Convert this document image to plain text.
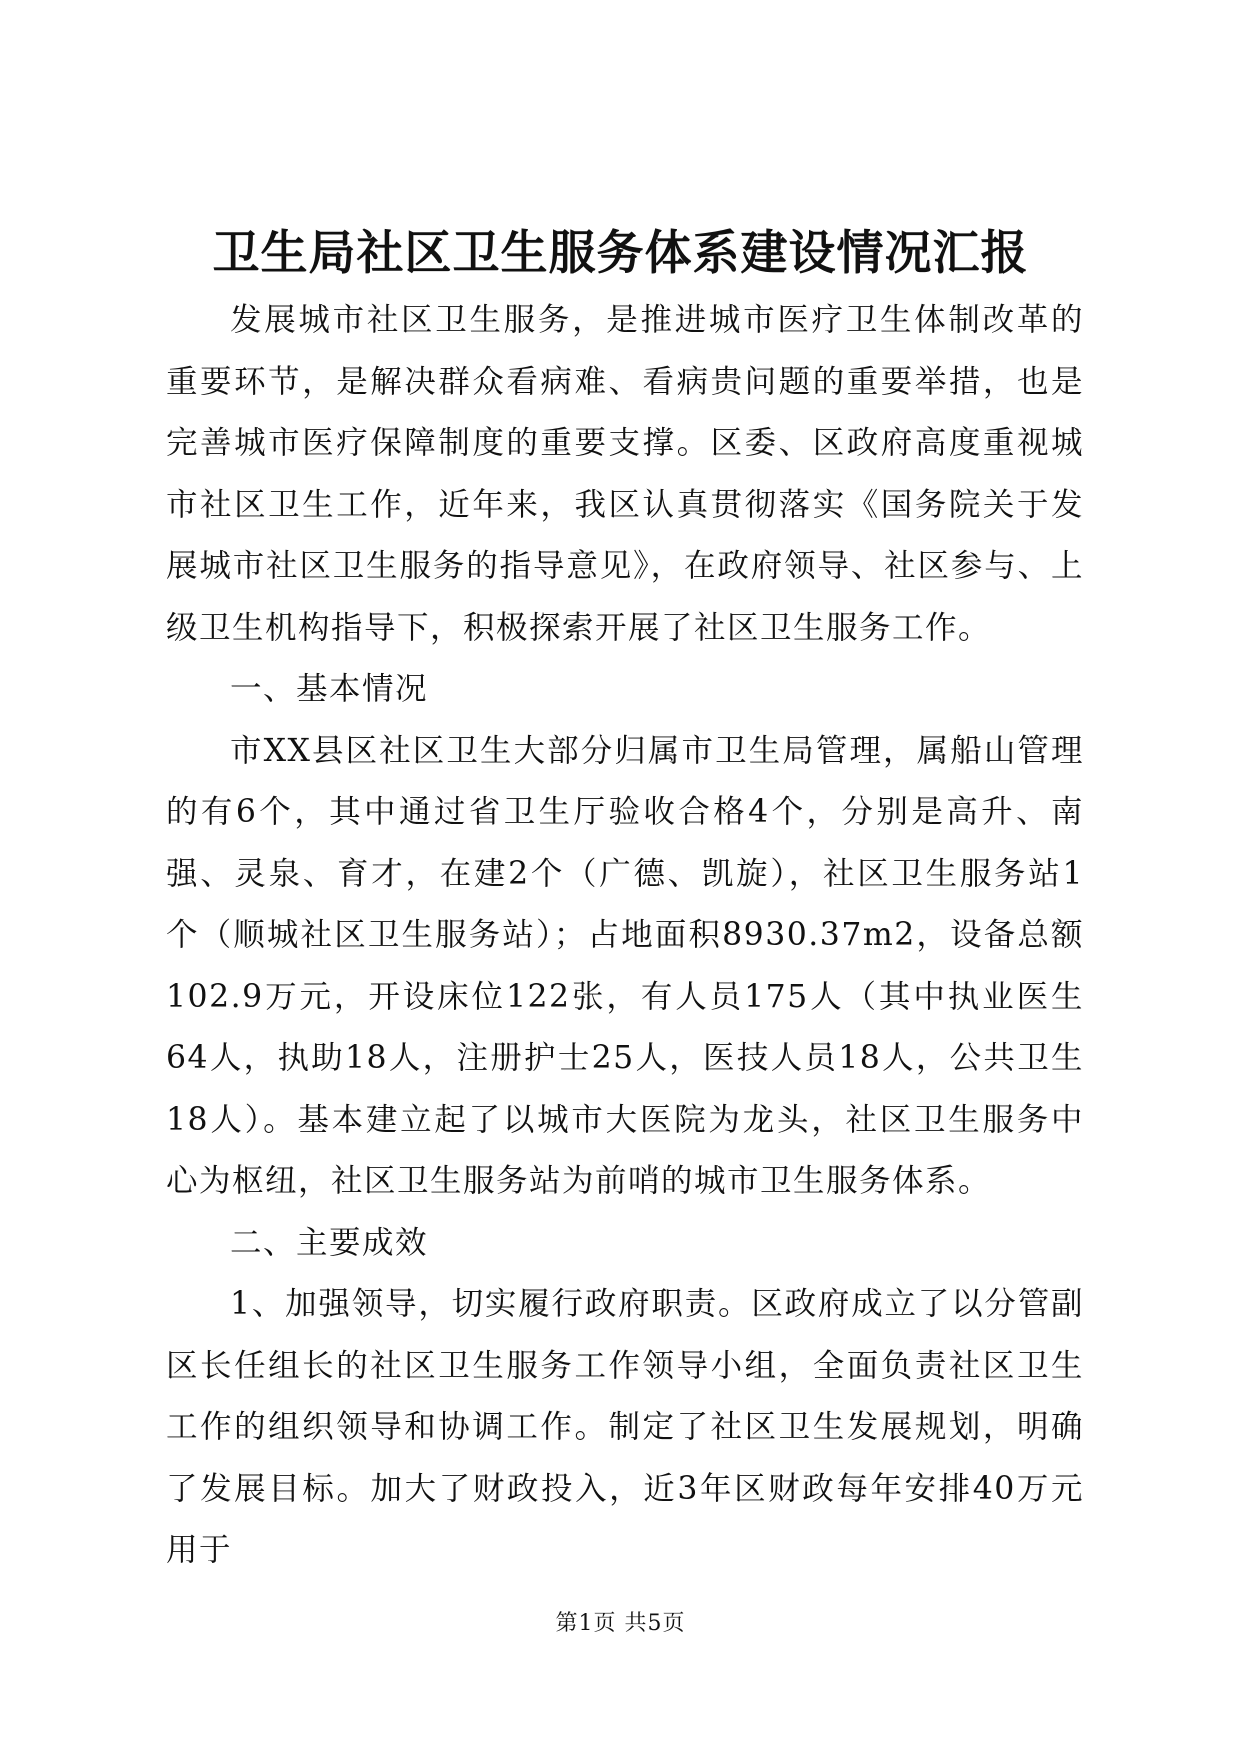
卫生局社区卫生服务体系建设情况汇报

发展城市社区卫生服务，是推进城市医疗卫生体制改革的重要环节，是解决群众看病难、看病贵问题的重要举措，也是完善城市医疗保障制度的重要支撑。区委、区政府高度重视城市社区卫生工作，近年来，我区认真贯彻落实《国务院关于发展城市社区卫生服务的指导意见》，在政府领导、社区参与、上级卫生机构指导下，积极探索开展了社区卫生服务工作。

一、基本情况

市XX县区社区卫生大部分归属市卫生局管理，属船山管理的有6个，其中通过省卫生厅验收合格4个，分别是高升、南强、灵泉、育才，在建2个（广德、凯旋），社区卫生服务站1个（顺城社区卫生服务站）；占地面积8930.37m2，设备总额102.9万元，开设床位122张，有人员175人（其中执业医生64人，执助18人，注册护士25人，医技人员18人，公共卫生18人）。基本建立起了以城市大医院为龙头，社区卫生服务中心为枢纽，社区卫生服务站为前哨的城市卫生服务体系。

二、主要成效

1、加强领导，切实履行政府职责。区政府成立了以分管副区长任组长的社区卫生服务工作领导小组，全面负责社区卫生工作的组织领导和协调工作。制定了社区卫生发展规划，明确了发展目标。加大了财政投入，近3年区财政每年安排40万元用于

第1页 共5页
